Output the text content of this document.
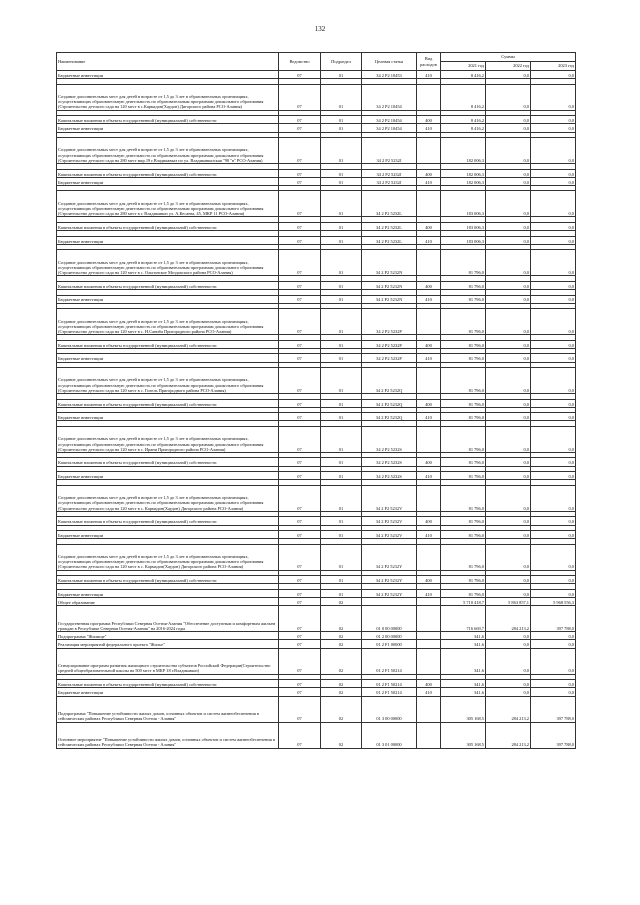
132
Наименование	Ведомство	Подраздел	Целевая статья	Вид расходов	Суммы		
					2021 год	2022 год	2023 год
Бюджетные инвестиции	07	01	34 2 P2 10453	410	8 416,2	0,0	0,0

Создание дополнительных мест для детей в возрасте от 1,5 до 3 лет в образовательных организациях, осуществляющих образовательную деятельность по образовательным программам дошкольного образования (Строительство детского сада на 120 мест в с.Кармадон(Хаудон) Дигорского района РСО-Алания)	07	01	34 2 P2 10454		8 416,2	0,0	0,0

Капитальные вложения в объекты государственной (муниципальной) собственности	07	01	34 2 P2 10454	400	8 416,2	0,0	0,0
Бюджетные инвестиции	07	01	34 2 P2 10454	410	8 416,2	0,0	0,0

Создание дополнительных мест для детей в возрасте от 1,5 до 3 лет в образовательных организациях, осуществляющих образовательную деятельность по образовательным программам дошкольного образования (Строительство детского сада на 280 мест мкр.19 г.Владикавказ по ул. Владикавказская "98 "в" РСО-Алания)	07	01	34 2 P2 5232J		182 006,3	0,0	0,0

Капитальные вложения в объекты государственной (муниципальной) собственности	07	01	34 2 P2 5232J	400	182 006,3	0,0	0,0
Бюджетные инвестиции	07	01	34 2 P2 5232J	410	182 006,3	0,0	0,0

Создание дополнительных мест для детей в возрасте от 1,5 до 3 лет в образовательных организациях, осуществляющих образовательную деятельность по образовательным программам дошкольного образования (Строительство детского сада на 280 мест в г. Владикавказ ул. А.Кесаева, 45, МКР 11 РСО-Алания)	07	01	34 2 P2 5232L		183 006,3	0,0	0,0

Капитальные вложения в объекты государственной (муниципальной) собственности	07	01	34 2 P2 5232L	400	183 006,3	0,0	0,0

Бюджетные инвестиции	07	01	34 2 P2 5232L	410	183 006,3	0,0	0,0

Создание дополнительных мест для детей в возрасте от 1,5 до 3 лет в образовательных организациях, осуществляющих образовательную деятельность по образовательным программам дошкольного образования (Строительство детского сада на 120 мест в с. Ольгинское Моздокского района РСО-Алания)	07	01	34 2 P2 5232N		81 796,0	0,0	0,0

Капитальные вложения в объекты государственной (муниципальной) собственности	07	01	34 2 P2 5232N	400	81 796,0	0,0	0,0

Бюджетные инвестиции	07	01	34 2 P2 5232N	410	81 796,0	0,0	0,0

Создание дополнительных мест для детей в возрасте от 1,5 до 3 лет в образовательных организациях, осуществляющих образовательную деятельность по образовательным программам дошкольного образования (Строительство детского сада на 120 мест в с. Н.Саниба Пригородного района РСО-Алания)	07	01	34 2 P2 5232P		81 796,0	0,0	0,0

Капитальные вложения в объекты государственной (муниципальной) собственности	07	01	34 2 P2 5232P	400	81 796,0	0,0	0,0

Бюджетные инвестиции	07	01	34 2 P2 5232P	410	81 796,0	0,0	0,0

Создание дополнительных мест для детей в возрасте от 1,5 до 3 лет в образовательных организациях, осуществляющих образовательную деятельность по образовательным программам дошкольного образования (Строительство детского сада на 120 мест в с. Гизель Пригородного района РСО-Алания)	07	01	34 2 P2 5232Q		81 796,0	0,0	0,0

Капитальные вложения в объекты государственной (муниципальной) собственности	07	01	34 2 P2 5232Q	400	81 796,0	0,0	0,0

Бюджетные инвестиции	07	01	34 2 P2 5232Q	410	81 796,0	0,0	0,0

Создание дополнительных мест для детей в возрасте от 1,5 до 3 лет в образовательных организациях, осуществляющих образовательную деятельность по образовательным программам дошкольного образования (Строительство детского сада на 120 мест в с. Ирани Пригородного района РСО-Алания)	07	01	34 2 P2 5232S		81 796,0	0,0	0,0

Капитальные вложения в объекты государственной (муниципальной) собственности	07	01	34 2 P2 5232S	400	81 796,0	0,0	0,0

Бюджетные инвестиции	07	01	34 2 P2 5232S	410	81 796,0	0,0	0,0

Создание дополнительных мест для детей в возрасте от 1,5 до 3 лет в образовательных организациях, осуществляющих образовательную деятельность по образовательным программам дошкольного образования (Строительство детского сада на 120 мест в с. Кармадон(Хаудон) Дигорского района РСО-Алания)	07	01	34 2 P2 5232V		81 796,0	0,0	0,0

Капитальные вложения в объекты государственной (муниципальной) собственности	07	01	34 2 P2 5232V	400	81 796,0	0,0	0,0

Бюджетные инвестиции	07	01	34 2 P2 5232V	410	81 796,0	0,0	0,0

Создание дополнительных мест для детей в возрасте от 1,5 до 3 лет в образовательных организациях, осуществляющих образовательную деятельность по образовательным программам дошкольного образования (Строительство детского сада на 120 мест в с. Кармадон(Хаудон) Дигорского района РСО-Алания)	07	01	34 2 P2 5232Y		81 796,0	0,0	0,0

Капитальные вложения в объекты государственной (муниципальной) собственности	07	01	34 2 P2 5232Y	400	81 796,0	0,0	0,0

Бюджетные инвестиции	07	01	34 2 P2 5232Y	410	81 796,0	0,0	0,0
Общее образование	07	02			5 710 418,7	5 863 857,1	5 968 556,3
Государственная программа Республики Северная Осетия-Алания "Обеспечение доступным и комфортным жильем граждан в Республике Северная Осетия-Алания" на 2016-2024 годы	07	02	01 0 00 00000		716 669,7	284 213,2	397 788,0
Подпрограмма "Жилище"	07	02	01 2 00 00000		341,6	0,0	0,0
Реализация мероприятий федерального проекта "Жилье"	07	02	01 2 F1 00000		341,6	0,0	0,0
Стимулирование программ развития жилищного строительства субъектов Российской Федерации(Строительство средней общеобразовательной школы на 500 мест в МКР 18 г.Владикавказ)	07	02	01 2 F1 50214		341,6	0,0	0,0

Капитальные вложения в объекты государственной (муниципальной) собственности	07	02	01 2 F1 50214	400	341,6	0,0	0,0
Бюджетные инвестиции	07	02	01 2 F1 50214	410	341,6	0,0	0,0
Подпрограмма "Повышение устойчивости жилых домов, основных объектов и систем жизнеобеспечения в сейсмических районах Республики Северная Осетия - Алания"	07	02	01 3 00 00000		305 168,5	284 213,2	397 788,0
Основное мероприятие "Повышение устойчивости жилых домов, основных объектов и систем жизнеобеспечения в сейсмических районах Республики Северная Осетия - Алания"	07	02	01 3 01 00000		305 168,5	284 213,2	397 788,0
